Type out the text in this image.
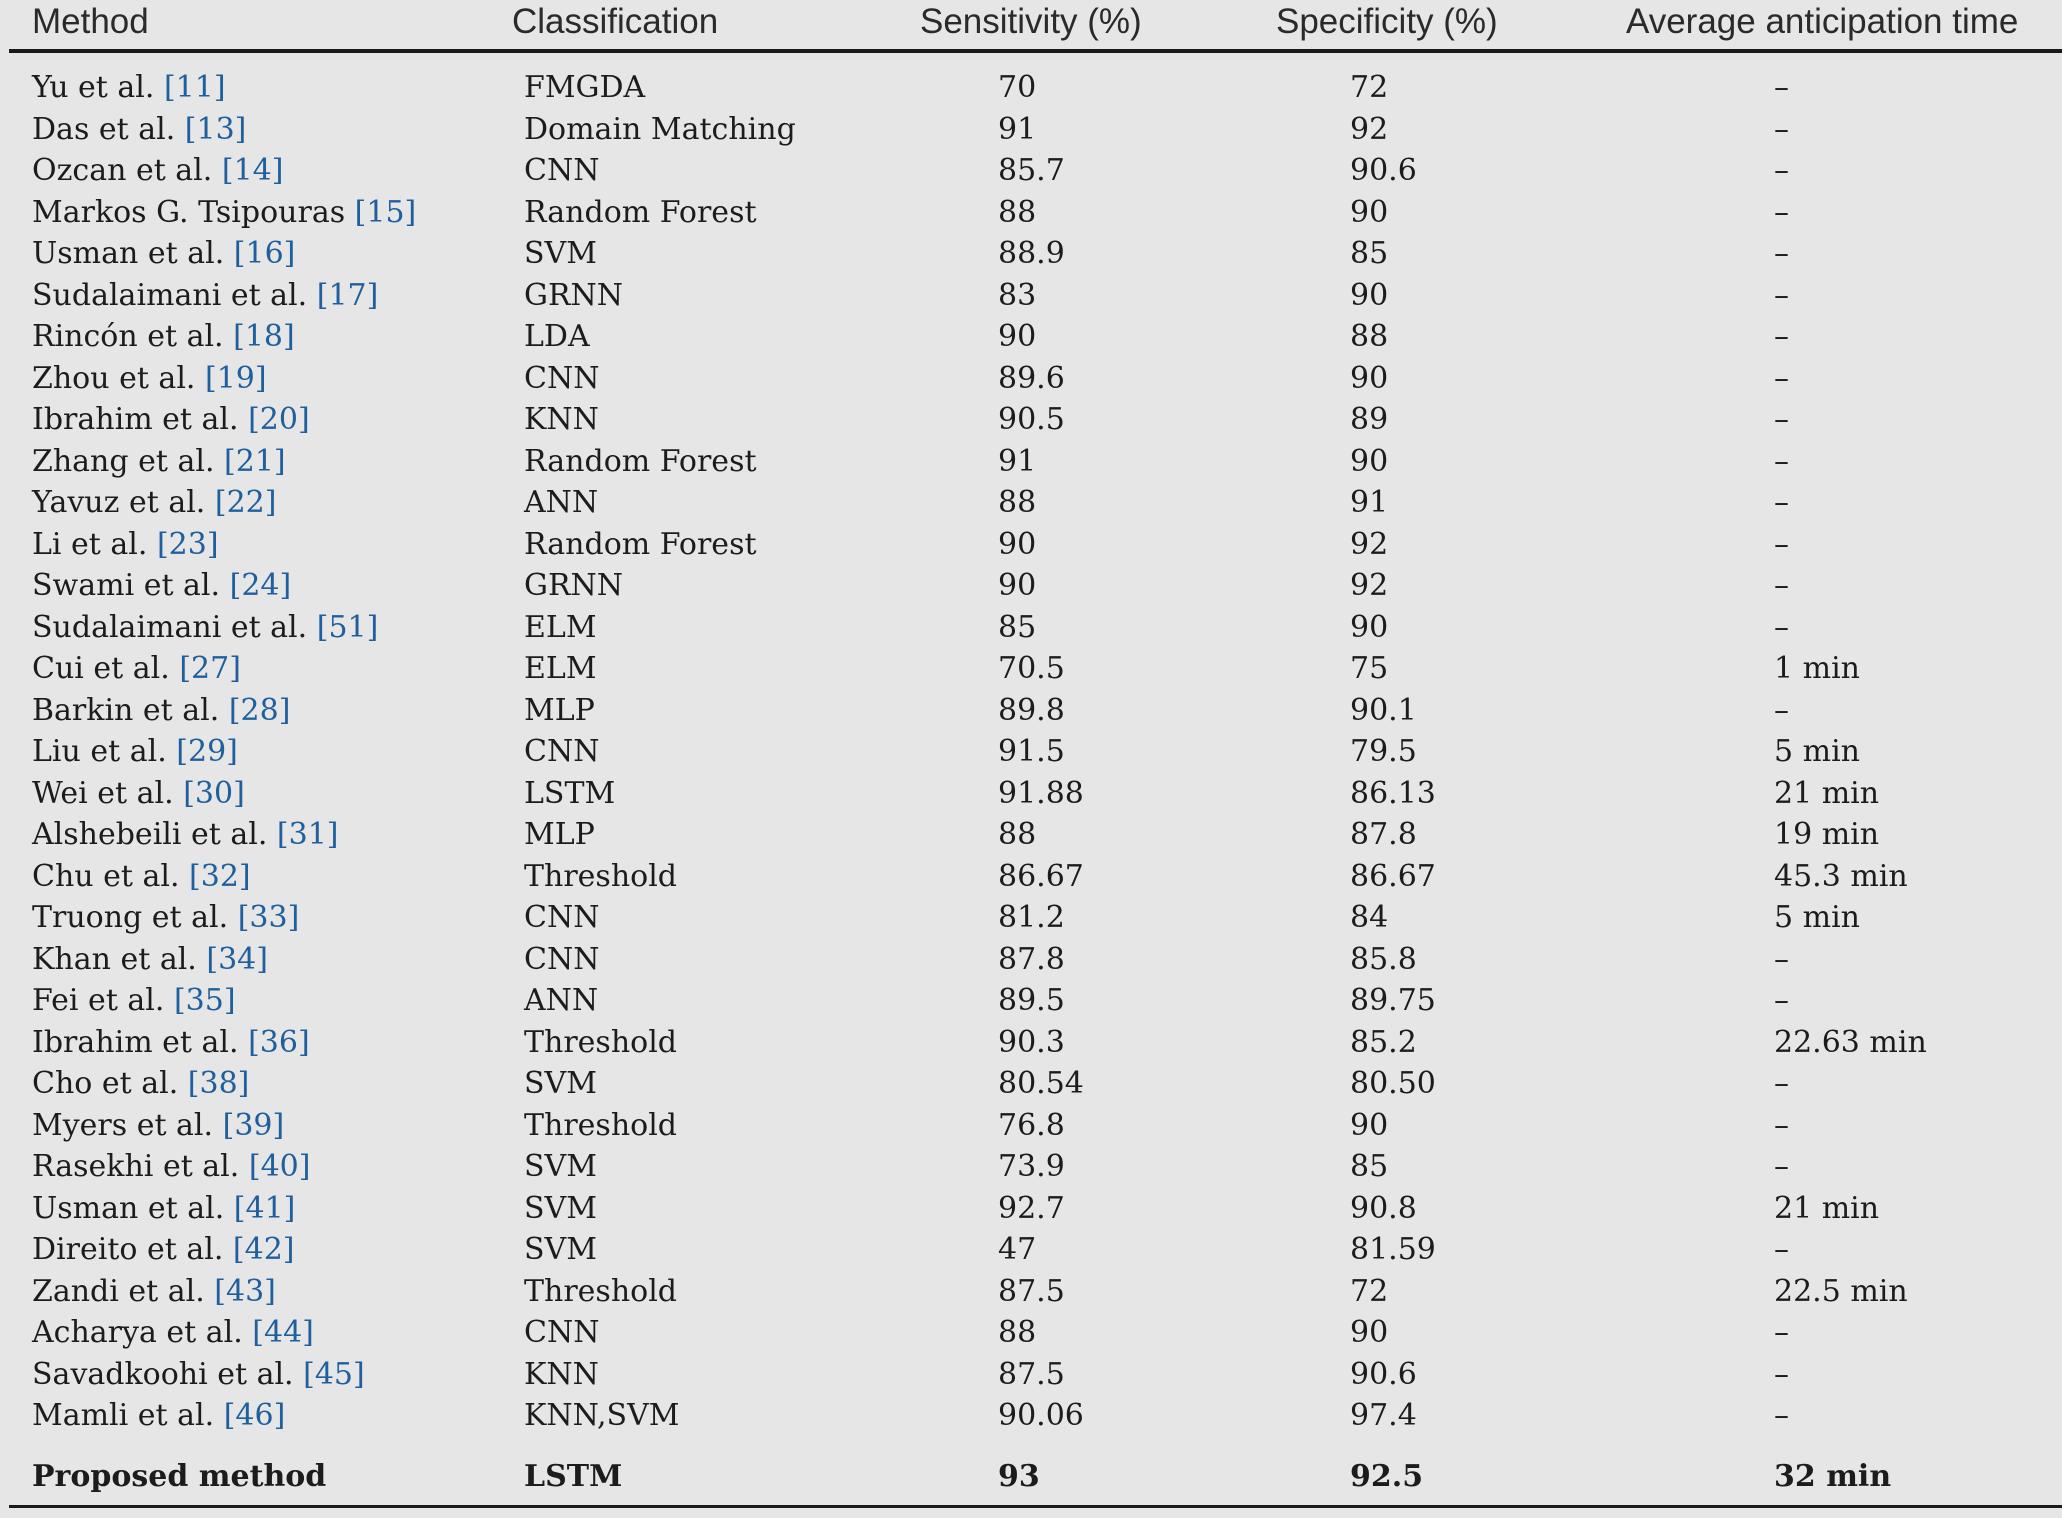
Method	Classification	Sensitivity (%)	Specificity (%)	Average anticipation time
Yu et al. [11]	FMGDA	70	72	–
Das et al. [13]	Domain Matching	91	92	–
Ozcan et al. [14]	CNN	85.7	90.6	–
Markos G. Tsipouras [15]	Random Forest	88	90	–
Usman et al. [16]	SVM	88.9	85	–
Sudalaimani et al. [17]	GRNN	83	90	–
Rincón et al. [18]	LDA	90	88	–
Zhou et al. [19]	CNN	89.6	90	–
Ibrahim et al. [20]	KNN	90.5	89	–
Zhang et al. [21]	Random Forest	91	90	–
Yavuz et al. [22]	ANN	88	91	–
Li et al. [23]	Random Forest	90	92	–
Swami et al. [24]	GRNN	90	92	–
Sudalaimani et al. [51]	ELM	85	90	–
Cui et al. [27]	ELM	70.5	75	1 min
Barkin et al. [28]	MLP	89.8	90.1	–
Liu et al. [29]	CNN	91.5	79.5	5 min
Wei et al. [30]	LSTM	91.88	86.13	21 min
Alshebeili et al. [31]	MLP	88	87.8	19 min
Chu et al. [32]	Threshold	86.67	86.67	45.3 min
Truong et al. [33]	CNN	81.2	84	5 min
Khan et al. [34]	CNN	87.8	85.8	–
Fei et al. [35]	ANN	89.5	89.75	–
Ibrahim et al. [36]	Threshold	90.3	85.2	22.63 min
Cho et al. [38]	SVM	80.54	80.50	–
Myers et al. [39]	Threshold	76.8	90	–
Rasekhi et al. [40]	SVM	73.9	85	–
Usman et al. [41]	SVM	92.7	90.8	21 min
Direito et al. [42]	SVM	47	81.59	–
Zandi et al. [43]	Threshold	87.5	72	22.5 min
Acharya et al. [44]	CNN	88	90	–
Savadkoohi et al. [45]	KNN	87.5	90.6	–
Mamli et al. [46]	KNN,SVM	90.06	97.4	–
Proposed method	LSTM	93	92.5	32 min
